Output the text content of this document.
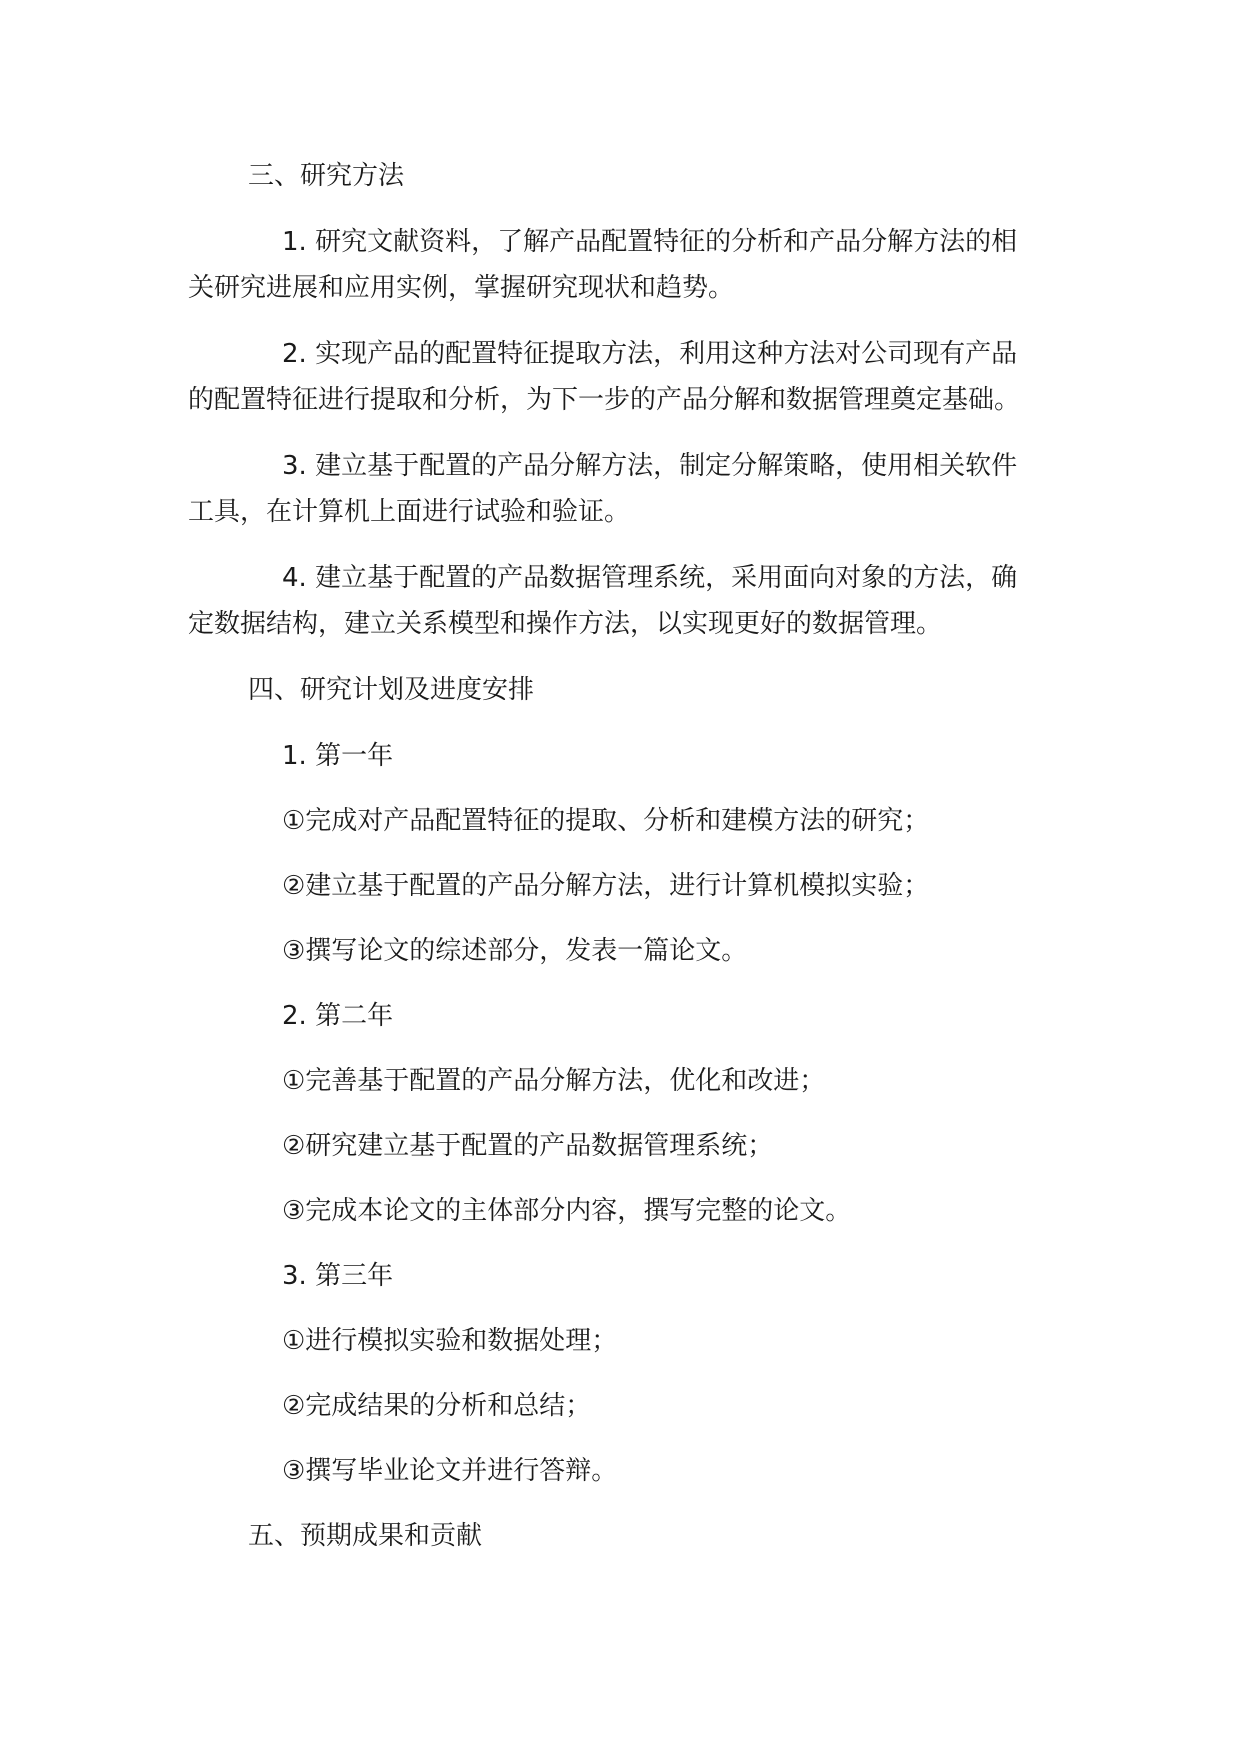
三、研究方法
1. 研究文献资料，了解产品配置特征的分析和产品分解方法的相
关研究进展和应用实例，掌握研究现状和趋势。
2. 实现产品的配置特征提取方法，利用这种方法对公司现有产品
的配置特征进行提取和分析，为下一步的产品分解和数据管理奠定基础。
3. 建立基于配置的产品分解方法，制定分解策略，使用相关软件
工具，在计算机上面进行试验和验证。
4. 建立基于配置的产品数据管理系统，采用面向对象的方法，确
定数据结构，建立关系模型和操作方法，以实现更好的数据管理。
四、研究计划及进度安排
1. 第一年
①完成对产品配置特征的提取、分析和建模方法的研究；
②建立基于配置的产品分解方法，进行计算机模拟实验；
③撰写论文的综述部分，发表一篇论文。
2. 第二年
①完善基于配置的产品分解方法，优化和改进；
②研究建立基于配置的产品数据管理系统；
③完成本论文的主体部分内容，撰写完整的论文。
3. 第三年
①进行模拟实验和数据处理；
②完成结果的分析和总结；
③撰写毕业论文并进行答辩。
五、预期成果和贡献
